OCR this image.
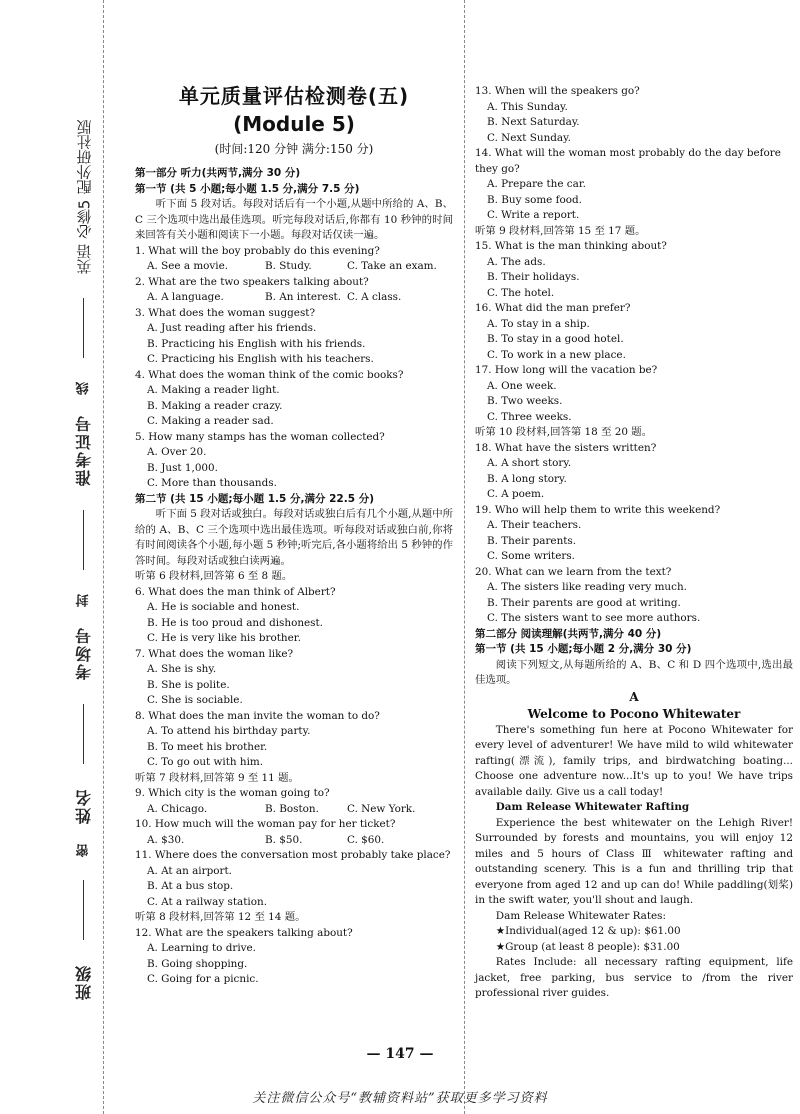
班级
密
姓名
考场号
封
准考证号
线
英语 必修5 配外研社版
单元质量评估检测卷(五)
(Module 5)
(时间:120 分钟 满分:150 分)
第一部分 听力(共两节,满分 30 分)
第一节 (共 5 小题;每小题 1.5 分,满分 7.5 分)
听下面 5 段对话。每段对话后有一个小题,从题中所给的 A、B、C 三个选项中选出最佳选项。听完每段对话后,你都有 10 秒钟的时间来回答有关小题和阅读下一小题。每段对话仅读一遍。
1. What will the boy probably do this evening?
A. See a movie.	B. Study.	C. Take an exam.
2. What are the two speakers talking about?
A. A language.	B. An interest. C. A class.
3. What does the woman suggest?
A. Just reading after his friends.
B. Practicing his English with his friends.
C. Practicing his English with his teachers.
4. What does the woman think of the comic books?
A. Making a reader light.
B. Making a reader crazy.
C. Making a reader sad.
5. How many stamps has the woman collected?
A. Over 20.
B. Just 1,000.
C. More than thousands.
第二节 (共 15 小题;每小题 1.5 分,满分 22.5 分)
听下面 5 段对话或独白。每段对话或独白后有几个小题,从题中所给的 A、B、C 三个选项中选出最佳选项。听每段对话或独白前,你将有时间阅读各个小题,每小题 5 秒钟;听完后,各小题将给出 5 秒钟的作答时间。每段对话或独白读两遍。
听第 6 段材料,回答第 6 至 8 题。
6. What does the man think of Albert?
A. He is sociable and honest.
B. He is too proud and dishonest.
C. He is very like his brother.
7. What does the woman like?
A. She is shy.
B. She is polite.
C. She is sociable.
8. What does the man invite the woman to do?
A. To attend his birthday party.
B. To meet his brother.
C. To go out with him.
听第 7 段材料,回答第 9 至 11 题。
9. Which city is the woman going to?
A. Chicago.	B. Boston.	C. New York.
10. How much will the woman pay for her ticket?
A. $30.	B. $50.	C. $60.
11. Where does the conversation most probably take place?
A. At an airport.
B. At a bus stop.
C. At a railway station.
听第 8 段材料,回答第 12 至 14 题。
12. What are the speakers talking about?
A. Learning to drive.
B. Going shopping.
C. Going for a picnic.
13. When will the speakers go?
A. This Sunday.
B. Next Saturday.
C. Next Sunday.
14. What will the woman most probably do the day before they go?
A. Prepare the car.
B. Buy some food.
C. Write a report.
听第 9 段材料,回答第 15 至 17 题。
15. What is the man thinking about?
A. The ads.
B. Their holidays.
C. The hotel.
16. What did the man prefer?
A. To stay in a ship.
B. To stay in a good hotel.
C. To work in a new place.
17. How long will the vacation be?
A. One week.
B. Two weeks.
C. Three weeks.
听第 10 段材料,回答第 18 至 20 题。
18. What have the sisters written?
A. A short story.
B. A long story.
C. A poem.
19. Who will help them to write this weekend?
A. Their teachers.
B. Their parents.
C. Some writers.
20. What can we learn from the text?
A. The sisters like reading very much.
B. Their parents are good at writing.
C. The sisters want to see more authors.
第二部分 阅读理解(共两节,满分 40 分)
第一节 (共 15 小题;每小题 2 分,满分 30 分)
阅读下列短文,从每题所给的 A、B、C 和 D 四个选项中,选出最佳选项。
A
Welcome to Pocono Whitewater
There's something fun here at Pocono Whitewater for every level of adventurer! We have mild to wild whitewater rafting(漂流), family trips, and birdwatching boating... Choose one adventure now...It's up to you! We have trips available daily. Give us a call today!
Dam Release Whitewater Rafting
Experience the best whitewater on the Lehigh River! Surrounded by forests and mountains, you will enjoy 12 miles and 5 hours of Class Ⅲ whitewater rafting and outstanding scenery. This is a fun and thrilling trip that everyone from aged 12 and up can do! While paddling(划桨) in the swift water, you'll shout and laugh.
Dam Release Whitewater Rates:
★Individual(aged 12 & up): $61.00
★Group (at least 8 people): $31.00
Rates Include: all necessary rafting equipment, life jacket, free parking, bus service to /from the river professional river guides.
— 147 —
关注微信公众号“教辅资料站”获取更多学习资料
